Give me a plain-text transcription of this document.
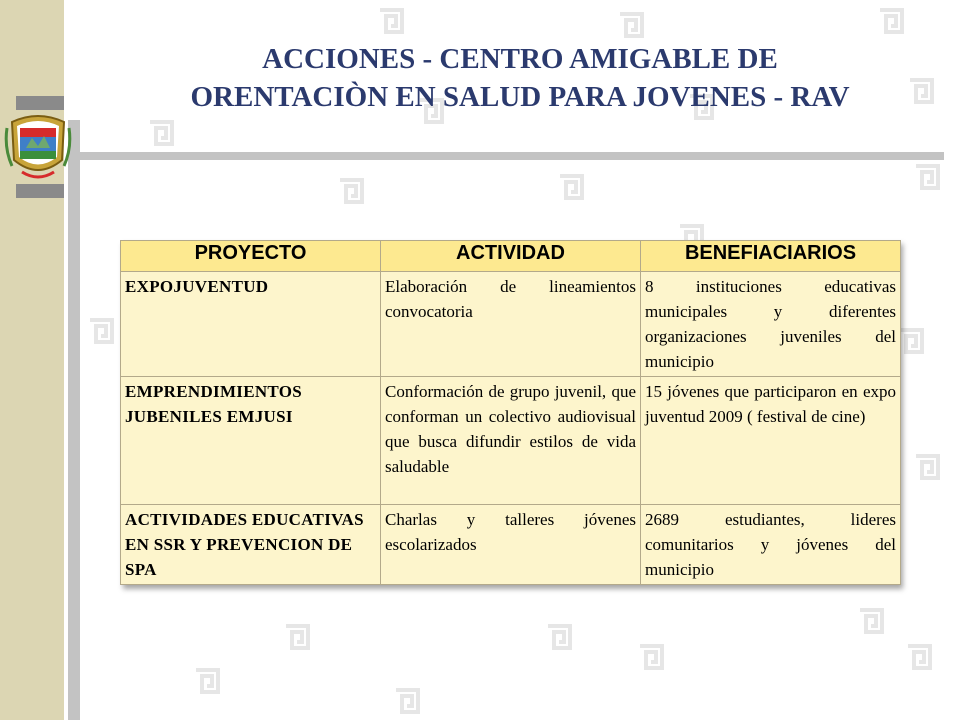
ACCIONES - CENTRO AMIGABLE DE
ORENTACIÒN EN SALUD PARA JOVENES - RAV
PROYECTO	ACTIVIDAD	BENEFIACIARIOS
EXPOJUVENTUD	Elaboración de lineamientos convocatoria	8 instituciones educativas municipales y diferentes organizaciones juveniles del municipio
EMPRENDIMIENTOS JUBENILES EMJUSI	Conformación de grupo juvenil, que conforman un colectivo audiovisual que busca difundir estilos de vida saludable	15 jóvenes que participaron en expo juventud 2009 ( festival de cine)
ACTIVIDADES EDUCATIVAS EN SSR Y PREVENCION DE SPA	Charlas y talleres jóvenes escolarizados	2689 estudiantes, lideres comunitarios y jóvenes del municipio
